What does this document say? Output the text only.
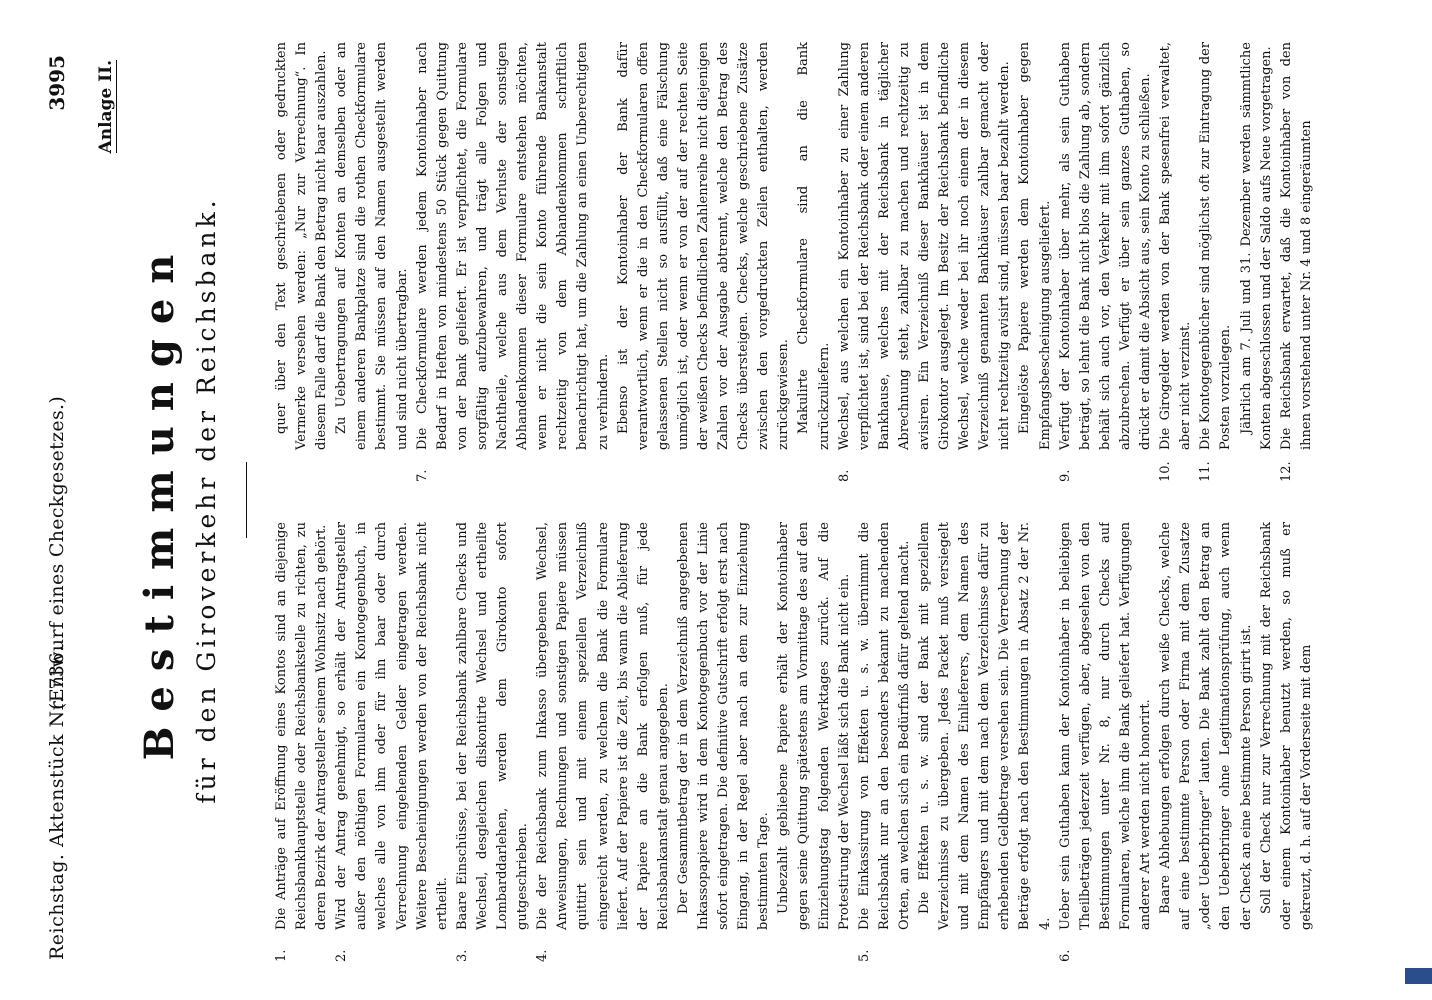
Reichstag. Aktenstück Nr. 736.
(Entwurf eines Checkgesetzes.)
3995 Anlage II.
Bestimmungen für den Giroverkehr der Reichsbank.

1.
Die Anträge auf Eröffnung eines Kontos sind an diejenige Reichsbankhauptstelle oder Reichsbankstelle zu richten, zu deren Bezirk der Antragsteller seinem Wohnsitz nach gehört.

2.
Wird der Antrag genehmigt, so erhält der Antragsteller außer den nöthigen Formularen ein Kontogegenbuch, in welches alle von ihm oder für ihn baar oder durch Verrechnung eingehenden Gelder eingetragen werden. Weitere Bescheinigungen werden von der Reichsbank nicht ertheilt.

3.
Baare Einschüsse, bei der Reichsbank zahlbare Checks und Wechsel, desgleichen diskontirte Wechsel und ertheilte Lombarddarlehen, werden dem Girokonto sofort gutgeschrieben.

4.
Die der Reichsbank zum Inkasso übergebenen Wechsel, Anweisungen, Rechnungen und sonstigen Papiere müssen quittirt sein und mit einem speziellen Verzeichniß eingereicht werden, zu welchem die Bank die Formulare liefert. Auf der Papiere ist die Zeit, bis wann die Ablieferung der Papiere an die Bank erfolgen muß, für jede Reichsbankanstalt genau angegeben. Der Gesammtbetrag der in dem Verzeichniß angegebenen Inkassopapiere wird in dem Kontogegenbuch vor der Linie sofort eingetragen. Die definitive Gutschrift erfolgt erst nach Eingang, in der Regel aber nach an dem zur Einziehung bestimmten Tage. Unbezahlt gebliebene Papiere erhält der Kontoinhaber gegen seine Quittung spätestens am Vormittage des auf den Einziehungstag folgenden Werktages zurück. Auf die Protestirung der Wechsel läßt sich die Bank nicht ein.

5.
Die Einkassirung von Effekten u. s. w. übernimmt die Reichsbank nur an den besonders bekannt zu machenden Orten, an welchen sich ein Bedürfniß dafür geltend macht. Die Effekten u. s. w. sind der Bank mit speziellem Verzeichnisse zu übergeben. Jedes Packet muß versiegelt und mit dem Namen des Einlieferers, dem Namen des Empfängers und mit dem nach dem Verzeichnisse dafür zu erhebenden Geldbetrage versehen sein. Die Verrechnung der Beträge erfolgt nach den Bestimmungen in Absatz 2 der Nr. 4.

6.
Ueber sein Guthaben kann der Kontoinhaber in beliebigen Theilbeträgen jederzeit verfügen, aber, abgesehen von den Bestimmungen unter Nr. 8, nur durch Checks auf Formularen, welche ihm die Bank geliefert hat. Verfügungen anderer Art werden nicht honorirt. Baare Abhebungen erfolgen durch weiße Checks, welche auf eine bestimmte Person oder Firma mit dem Zusatze „oder Ueberbringer“ lauten. Die Bank zahlt den Betrag an den Ueberbringer ohne Legitimationsprüfung, auch wenn der Check an eine bestimmte Person girirt ist. Soll der Check nur zur Verrechnung mit der Reichsbank oder einem Kontoinhaber benutzt werden, so muß er gekreuzt, d. h. auf der Vorderseite mit dem

quer über den Text geschriebenen oder gedruckten Vermerke versehen werden: „Nur zur Verrechnung“. In diesem Falle darf die Bank den Betrag nicht baar auszahlen. Zu Uebertragungen auf Konten an demselben oder an einem anderen Bankplatze sind die rothen Checkformulare bestimmt. Sie müssen auf den Namen ausgestellt werden und sind nicht übertragbar.

7.
Die Checkformulare werden jedem Kontoinhaber nach Bedarf in Heften von mindestens 50 Stück gegen Quittung von der Bank geliefert. Er ist verpflichtet, die Formulare sorgfältig aufzubewahren, und trägt alle Folgen und Nachtheile, welche aus dem Verluste der sonstigen Abhandenkommen dieser Formulare entstehen möchten, wenn er nicht die sein Konto führende Bankanstalt rechtzeitig von dem Abhandenkommen schriftlich benachrichtigt hat, um die Zahlung an einen Unberechtigten zu verhindern. Ebenso ist der Kontoinhaber der Bank dafür verantwortlich, wenn er die in den Checkformularen offen gelassenen Stellen nicht so ausfüllt, daß eine Fälschung unmöglich ist, oder wenn er von der auf der rechten Seite der weißen Checks befindlichen Zahlenreihe nicht diejenigen Zahlen vor der Ausgabe abtrennt, welche den Betrag des Checks übersteigen. Checks, welche geschriebene Zusätze zwischen den vorgedruckten Zeilen enthalten, werden zurückgewiesen. Makulirte Checkformulare sind an die Bank zurückzuliefern.

8.
Wechsel, aus welchen ein Kontoinhaber zu einer Zahlung verpflichtet ist, sind bei der Reichsbank oder einem anderen Bankhause, welches mit der Reichsbank in täglicher Abrechnung steht, zahlbar zu machen und rechtzeitig zu avisiren. Ein Verzeichniß dieser Bankhäuser ist in dem Girokontor ausgelegt. Im Besitz der Reichsbank befindliche Wechsel, welche weder bei ihr noch einem der in diesem Verzeichniß genannten Bankhäuser zahlbar gemacht oder nicht rechtzeitig avisirt sind, müssen baar bezahlt werden. Eingelöste Papiere werden dem Kontoinhaber gegen Empfangsbescheinigung ausgeliefert.

9.
Verfügt der Kontoinhaber über mehr, als sein Guthaben beträgt, so lehnt die Bank nicht blos die Zahlung ab, sondern behält sich auch vor, den Verkehr mit ihm sofort gänzlich abzubrechen. Verfügt er über sein ganzes Guthaben, so drückt er damit die Absicht aus, sein Konto zu schließen.

10.
Die Girogelder werden von der Bank spesenfrei verwaltet, aber nicht verzinst.

11.
Die Kontogegenbücher sind möglichst oft zur Eintragung der Posten vorzulegen. Jährlich am 7. Juli und 31. Dezember werden sämmtliche Konten abgeschlossen und der Saldo aufs Neue vorgetragen.

12.
Die Reichsbank erwartet, daß die Kontoinhaber von den ihnen vorstehend unter Nr. 4 und 8 eingeräumten
